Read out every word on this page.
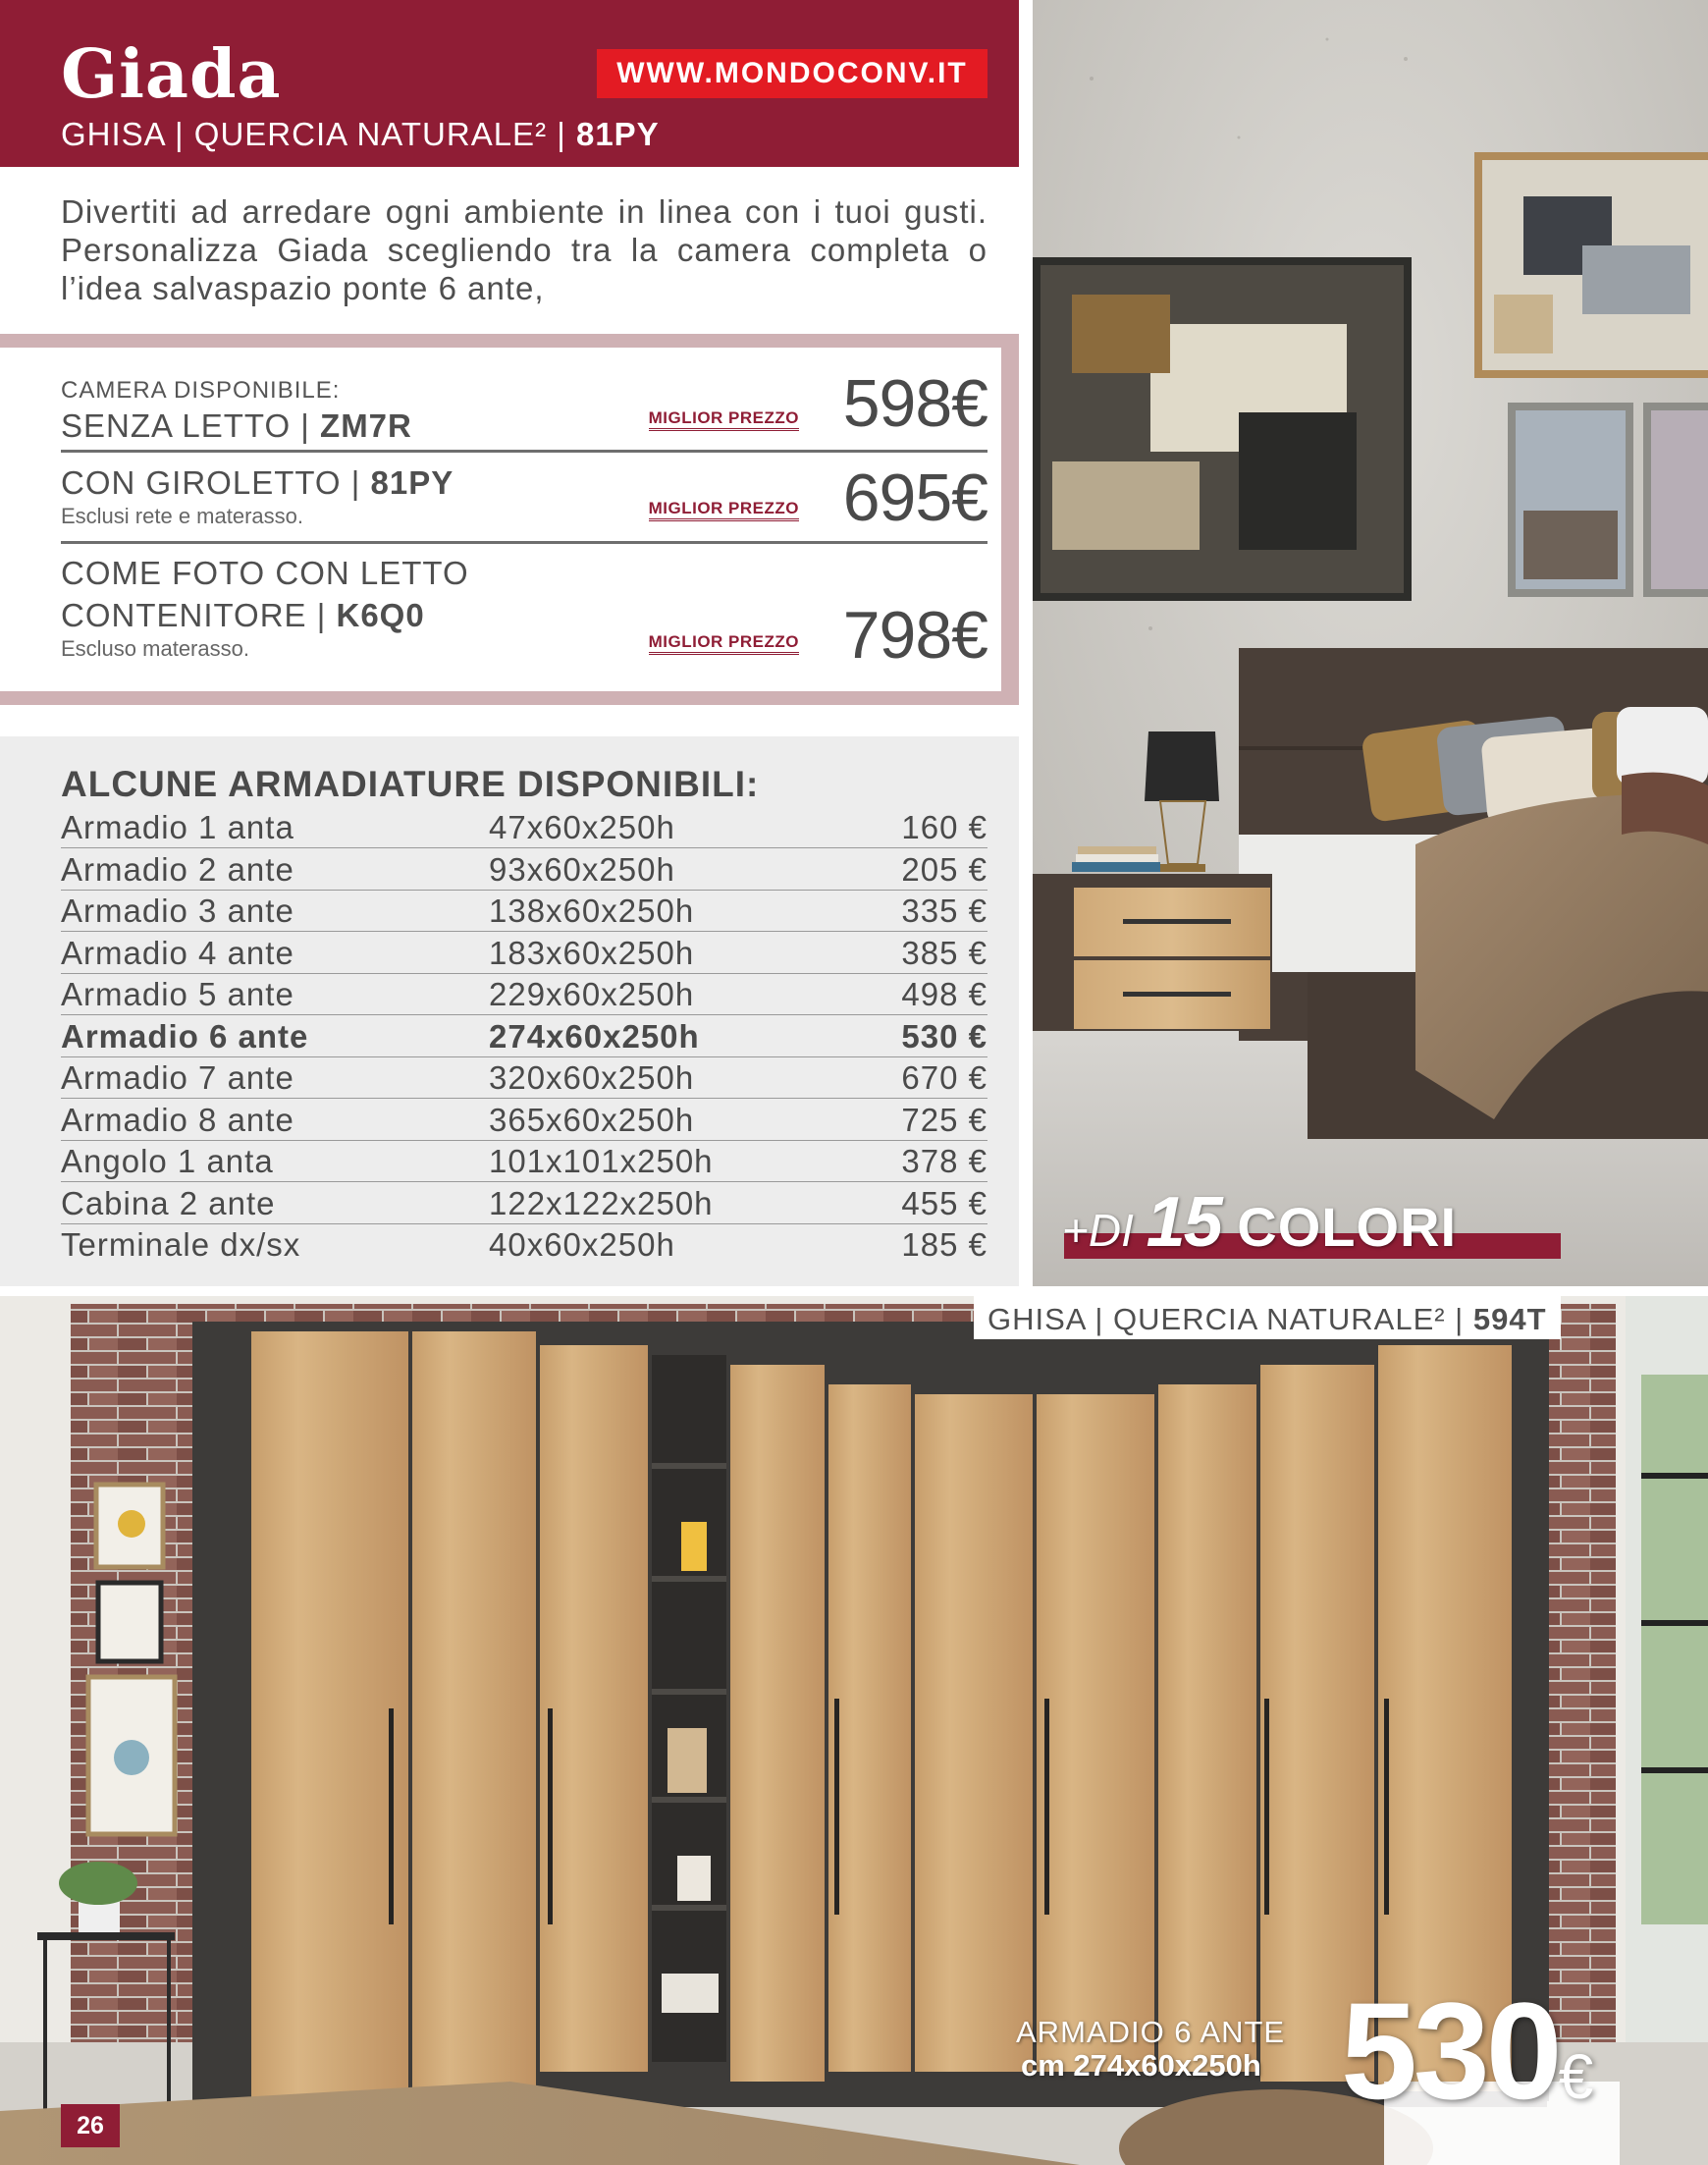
Giada	WWW.MONDOCONV.IT
GHISA | QUERCIA NATURALE² | 81PY

Divertiti ad arredare ogni ambiente in linea con i tuoi gusti. Personalizza Giada scegliendo tra la camera completa o l’idea salvaspazio ponte 6 ante,

CAMERA DISPONIBILE:
SENZA LETTO | ZM7R	MIGLIOR PREZZO 598€
CON GIROLETTO | 81PY
Esclusi rete e materasso.	MIGLIOR PREZZO 695€
COME FOTO CON LETTO
CONTENITORE | K6Q0
Escluso materasso.	MIGLIOR PREZZO 798€
ALCUNE ARMADIATURE DISPONIBILI:
Armadio 1 anta	47x60x250h	160 €
Armadio 2 ante	93x60x250h	205 €
Armadio 3 ante	138x60x250h	335 €
Armadio 4 ante	183x60x250h	385 €
Armadio 5 ante	229x60x250h	498 €
Armadio 6 ante	274x60x250h	530 €
Armadio 7 ante	320x60x250h	670 €
Armadio 8 ante	365x60x250h	725 €
Angolo 1 anta	101x101x250h	378 €
Cabina 2 ante	122x122x250h	455 €
Terminale dx/sx	40x60x250h	185 € +DI 15 COLORI
GHISA | QUERCIA NATURALE² | 594T
ARMADIO 6 ANTE
cm 274x60x250h 530€
26
